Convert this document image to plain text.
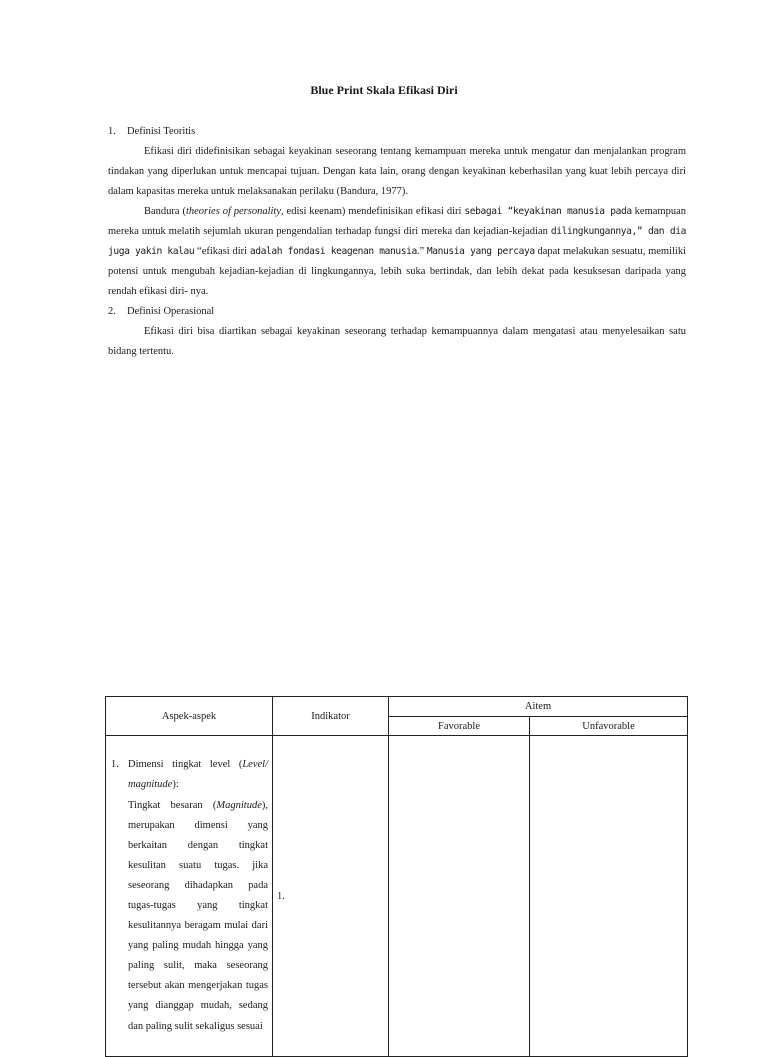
Blue Print Skala Efikasi Diri
1. Definisi Teoritis
Efikasi diri didefinisikan sebagai keyakinan seseorang tentang kemampuan mereka untuk mengatur dan menjalankan program tindakan yang diperlukan untuk mencapai tujuan. Dengan kata lain, orang dengan keyakinan keberhasilan yang kuat lebih percaya diri dalam kapasitas mereka untuk melaksanakan perilaku (Bandura, 1977).
Bandura (theories of personality, edisi keenam) mendefinisikan efikasi diri sebagai “keyakinan manusia pada kemampuan mereka untuk melatih sejumlah ukuran pengendalian terhadap fungsi diri mereka dan kejadian-kejadian dilingkungannya,” dan dia juga yakin kalau “efikasi diri adalah fondasi keagenan manusia.” Manusia yang percaya dapat melakukan sesuatu, memiliki potensi untuk mengubah kejadian-kejadian di lingkungannya, lebih suka bertindak, dan lebih dekat pada kesuksesan daripada yang rendah efikasi diri- nya.
2. Definisi Operasional
Efikasi diri bisa diartikan sebagai keyakinan seseorang terhadap kemampuannya dalam mengatasi atau menyelesaikan satu bidang tertentu.
Aspek-aspek	Indikator	Aitem	
		Favorable	Unfavorable

1. Dimensi tingkat level (Level/ magnitude):
Tingkat besaran (Magnitude), merupakan dimensi yang berkaitan dengan tingkat kesulitan suatu tugas. jika seseorang dihadapkan pada tugas-tugas yang tingkat kesulitannya beragam mulai dari yang paling mudah hingga yang paling sulit, maka seseorang tersebut akan mengerjakan tugas yang dianggap mudah, sedang dan paling sulit sekaligus sesuai	1.		
